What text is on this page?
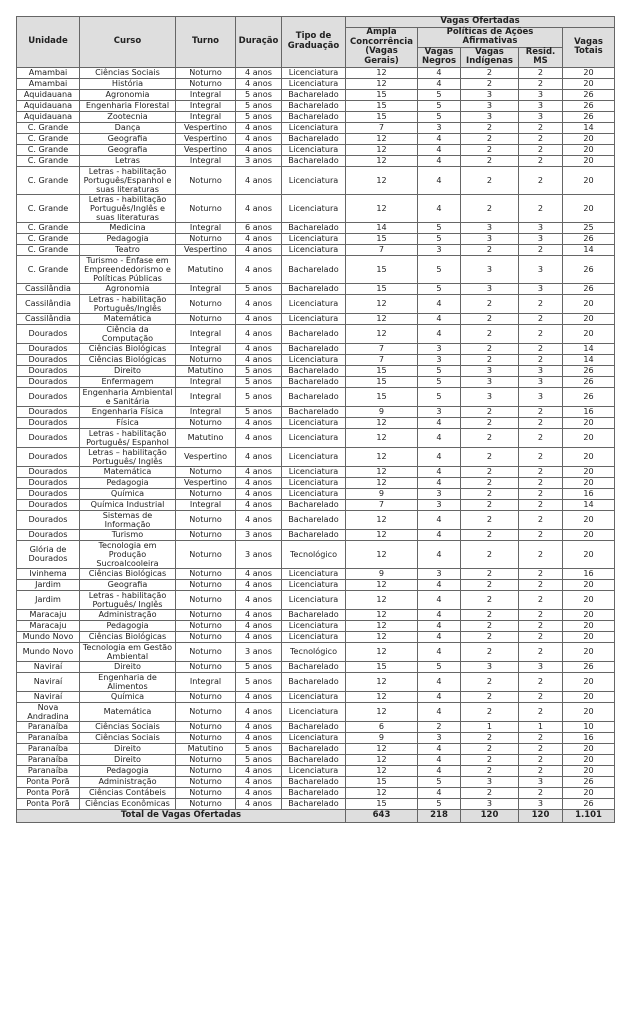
Unidade	Curso	Turno	Duração	Tipo de Graduação	Vagas Ofertadas				
					Ampla Concorrência (Vagas Gerais)	Políticas de Ações Afirmativas			Vagas Totais
						Vagas Negros	Vagas Indígenas	Resid. MS	
Amambai	Ciências Sociais	Noturno	4 anos	Licenciatura	12	4	2	2	20
Amambai	História	Noturno	4 anos	Licenciatura	12	4	2	2	20
Aquidauana	Agronomia	Integral	5 anos	Bacharelado	15	5	3	3	26
Aquidauana	Engenharia Florestal	Integral	5 anos	Bacharelado	15	5	3	3	26
Aquidauana	Zootecnia	Integral	5 anos	Bacharelado	15	5	3	3	26
C. Grande	Dança	Vespertino	4 anos	Licenciatura	7	3	2	2	14
C. Grande	Geografia	Vespertino	4 anos	Bacharelado	12	4	2	2	20
C. Grande	Geografia	Vespertino	4 anos	Licenciatura	12	4	2	2	20
C. Grande	Letras	Integral	3 anos	Bacharelado	12	4	2	2	20
C. Grande	Letras - habilitação Português/Espanhol e suas literaturas	Noturno	4 anos	Licenciatura	12	4	2	2	20
C. Grande	Letras - habilitação Português/Inglês e suas literaturas	Noturno	4 anos	Licenciatura	12	4	2	2	20
C. Grande	Medicina	Integral	6 anos	Bacharelado	14	5	3	3	25
C. Grande	Pedagogia	Noturno	4 anos	Licenciatura	15	5	3	3	26
C. Grande	Teatro	Vespertino	4 anos	Licenciatura	7	3	2	2	14
C. Grande	Turismo - Ênfase em Empreendedorismo e Políticas Públicas	Matutino	4 anos	Bacharelado	15	5	3	3	26
Cassilândia	Agronomia	Integral	5 anos	Bacharelado	15	5	3	3	26
Cassilândia	Letras - habilitação Português/Inglês	Noturno	4 anos	Licenciatura	12	4	2	2	20
Cassilândia	Matemática	Noturno	4 anos	Licenciatura	12	4	2	2	20
Dourados	Ciência da Computação	Integral	4 anos	Bacharelado	12	4	2	2	20
Dourados	Ciências Biológicas	Integral	4 anos	Bacharelado	7	3	2	2	14
Dourados	Ciências Biológicas	Noturno	4 anos	Licenciatura	7	3	2	2	14
Dourados	Direito	Matutino	5 anos	Bacharelado	15	5	3	3	26
Dourados	Enfermagem	Integral	5 anos	Bacharelado	15	5	3	3	26
Dourados	Engenharia Ambiental e Sanitária	Integral	5 anos	Bacharelado	15	5	3	3	26
Dourados	Engenharia Física	Integral	5 anos	Bacharelado	9	3	2	2	16
Dourados	Física	Noturno	4 anos	Licenciatura	12	4	2	2	20
Dourados	Letras - habilitação Português/ Espanhol	Matutino	4 anos	Licenciatura	12	4	2	2	20
Dourados	Letras – habilitação Português/ Inglês	Vespertino	4 anos	Licenciatura	12	4	2	2	20
Dourados	Matemática	Noturno	4 anos	Licenciatura	12	4	2	2	20
Dourados	Pedagogia	Vespertino	4 anos	Licenciatura	12	4	2	2	20
Dourados	Química	Noturno	4 anos	Licenciatura	9	3	2	2	16
Dourados	Química Industrial	Integral	4 anos	Bacharelado	7	3	2	2	14
Dourados	Sistemas de Informação	Noturno	4 anos	Bacharelado	12	4	2	2	20
Dourados	Turismo	Noturno	3 anos	Bacharelado	12	4	2	2	20
Glória de Dourados	Tecnologia em Produção Sucroalcooleira	Noturno	3 anos	Tecnológico	12	4	2	2	20
Ivinhema	Ciências Biológicas	Noturno	4 anos	Licenciatura	9	3	2	2	16
Jardim	Geografia	Noturno	4 anos	Licenciatura	12	4	2	2	20
Jardim	Letras - habilitação Português/ Inglês	Noturno	4 anos	Licenciatura	12	4	2	2	20
Maracaju	Administração	Noturno	4 anos	Bacharelado	12	4	2	2	20
Maracaju	Pedagogia	Noturno	4 anos	Licenciatura	12	4	2	2	20
Mundo Novo	Ciências Biológicas	Noturno	4 anos	Licenciatura	12	4	2	2	20
Mundo Novo	Tecnologia em Gestão Ambiental	Noturno	3 anos	Tecnológico	12	4	2	2	20
Naviraí	Direito	Noturno	5 anos	Bacharelado	15	5	3	3	26
Naviraí	Engenharia de Alimentos	Integral	5 anos	Bacharelado	12	4	2	2	20
Naviraí	Química	Noturno	4 anos	Licenciatura	12	4	2	2	20
Nova Andradina	Matemática	Noturno	4 anos	Licenciatura	12	4	2	2	20
Paranaíba	Ciências Sociais	Noturno	4 anos	Bacharelado	6	2	1	1	10
Paranaíba	Ciências Sociais	Noturno	4 anos	Licenciatura	9	3	2	2	16
Paranaíba	Direito	Matutino	5 anos	Bacharelado	12	4	2	2	20
Paranaíba	Direito	Noturno	5 anos	Bacharelado	12	4	2	2	20
Paranaíba	Pedagogia	Noturno	4 anos	Licenciatura	12	4	2	2	20
Ponta Porã	Administração	Noturno	4 anos	Bacharelado	15	5	3	3	26
Ponta Porã	Ciências Contábeis	Noturno	4 anos	Bacharelado	12	4	2	2	20
Ponta Porã	Ciências Econômicas	Noturno	4 anos	Bacharelado	15	5	3	3	26
Total de Vagas Ofertadas					643	218	120	120	1.101
